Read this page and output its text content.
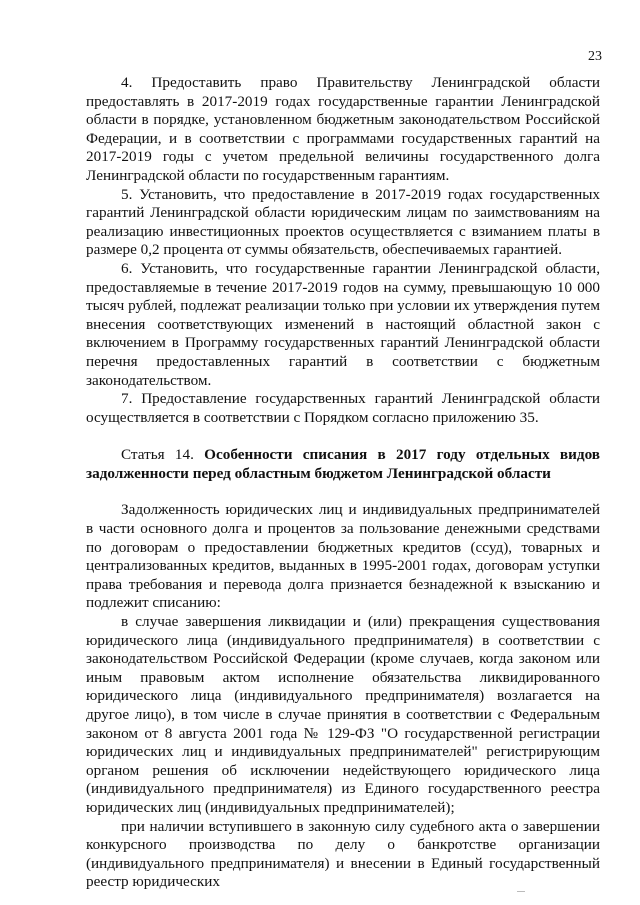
23

4. Предоставить право Правительству Ленинградской области предоставлять в 2017-2019 годах государственные гарантии Ленинградской области в порядке, установленном бюджетным законодательством Российской Федерации, и в соответствии с программами государственных гарантий на 2017-2019 годы с учетом предельной величины государственного долга Ленинградской области по государственным гарантиям.

5. Установить, что предоставление в 2017-2019 годах государственных гарантий Ленинградской области юридическим лицам по заимствованиям на реализацию инвестиционных проектов осуществляется с взиманием платы в размере 0,2 процента от суммы обязательств, обеспечиваемых гарантией.

6. Установить, что государственные гарантии Ленинградской области, предоставляемые в течение 2017-2019 годов на сумму, превышающую 10 000 тысяч рублей, подлежат реализации только при условии их утверждения путем внесения соответствующих изменений в настоящий областной закон с включением в Программу государственных гарантий Ленинградской области перечня предоставленных гарантий в соответствии с бюджетным законодательством.

7. Предоставление государственных гарантий Ленинградской области осуществляется в соответствии с Порядком согласно приложению 35.

Статья 14. Особенности списания в 2017 году отдельных видов задолженности перед областным бюджетом Ленинградской области

Задолженность юридических лиц и индивидуальных предпринимателей в части основного долга и процентов за пользование денежными средствами по договорам о предоставлении бюджетных кредитов (ссуд), товарных и централизованных кредитов, выданных в 1995-2001 годах, договорам уступки права требования и перевода долга признается безнадежной к взысканию и подлежит списанию:

в случае завершения ликвидации и (или) прекращения существования юридического лица (индивидуального предпринимателя) в соответствии с законодательством Российской Федерации (кроме случаев, когда законом или иным правовым актом исполнение обязательства ликвидированного юридического лица (индивидуального предпринимателя) возлагается на другое лицо), в том числе в случае принятия в соответствии с Федеральным законом от 8 августа 2001 года № 129-ФЗ "О государственной регистрации юридических лиц и индивидуальных предпринимателей" регистрирующим органом решения об исключении недействующего юридического лица (индивидуального предпринимателя) из Единого государственного реестра юридических лиц (индивидуальных предпринимателей);

при наличии вступившего в законную силу судебного акта о завершении конкурсного производства по делу о банкротстве организации (индивидуального предпринимателя) и внесении в Единый государственный реестр юридических
